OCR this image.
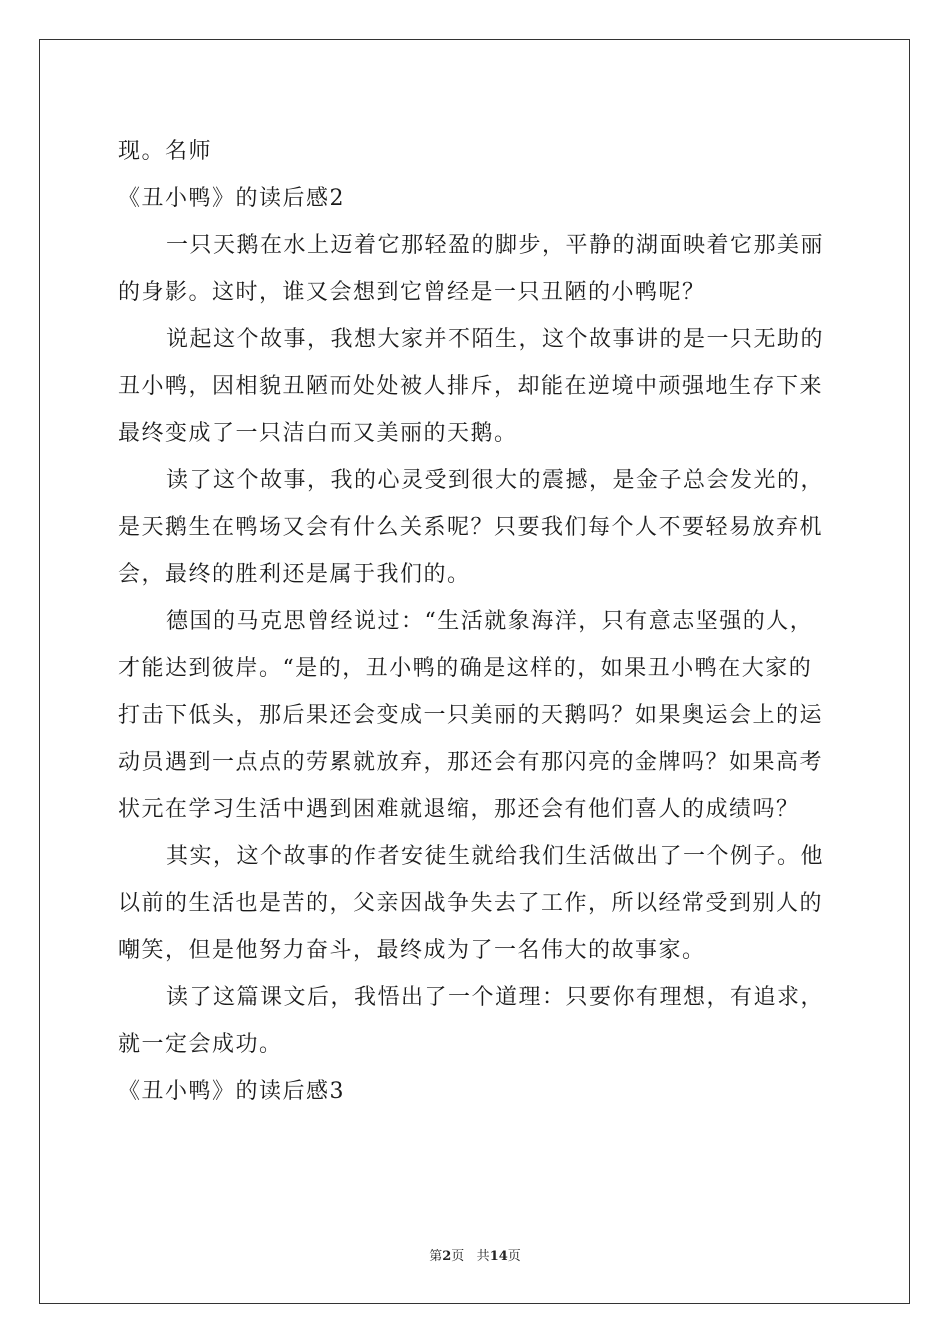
现。名师

《丑小鸭》的读后感2

一只天鹅在水上迈着它那轻盈的脚步，平静的湖面映着它那美丽

的身影。这时，谁又会想到它曾经是一只丑陋的小鸭呢？

说起这个故事，我想大家并不陌生，这个故事讲的是一只无助的

丑小鸭，因相貌丑陋而处处被人排斥，却能在逆境中顽强地生存下来

最终变成了一只洁白而又美丽的天鹅。

读了这个故事，我的心灵受到很大的震撼，是金子总会发光的，

是天鹅生在鸭场又会有什么关系呢？只要我们每个人不要轻易放弃机

会，最终的胜利还是属于我们的。

德国的马克思曾经说过：“生活就象海洋，只有意志坚强的人，

才能达到彼岸。“是的，丑小鸭的确是这样的，如果丑小鸭在大家的

打击下低头，那后果还会变成一只美丽的天鹅吗？如果奥运会上的运

动员遇到一点点的劳累就放弃，那还会有那闪亮的金牌吗？如果高考

状元在学习生活中遇到困难就退缩，那还会有他们喜人的成绩吗？

其实，这个故事的作者安徒生就给我们生活做出了一个例子。他

以前的生活也是苦的，父亲因战争失去了工作，所以经常受到别人的

嘲笑，但是他努力奋斗，最终成为了一名伟大的故事家。

读了这篇课文后，我悟出了一个道理：只要你有理想，有追求，

就一定会成功。

《丑小鸭》的读后感3

第2页 共14页
